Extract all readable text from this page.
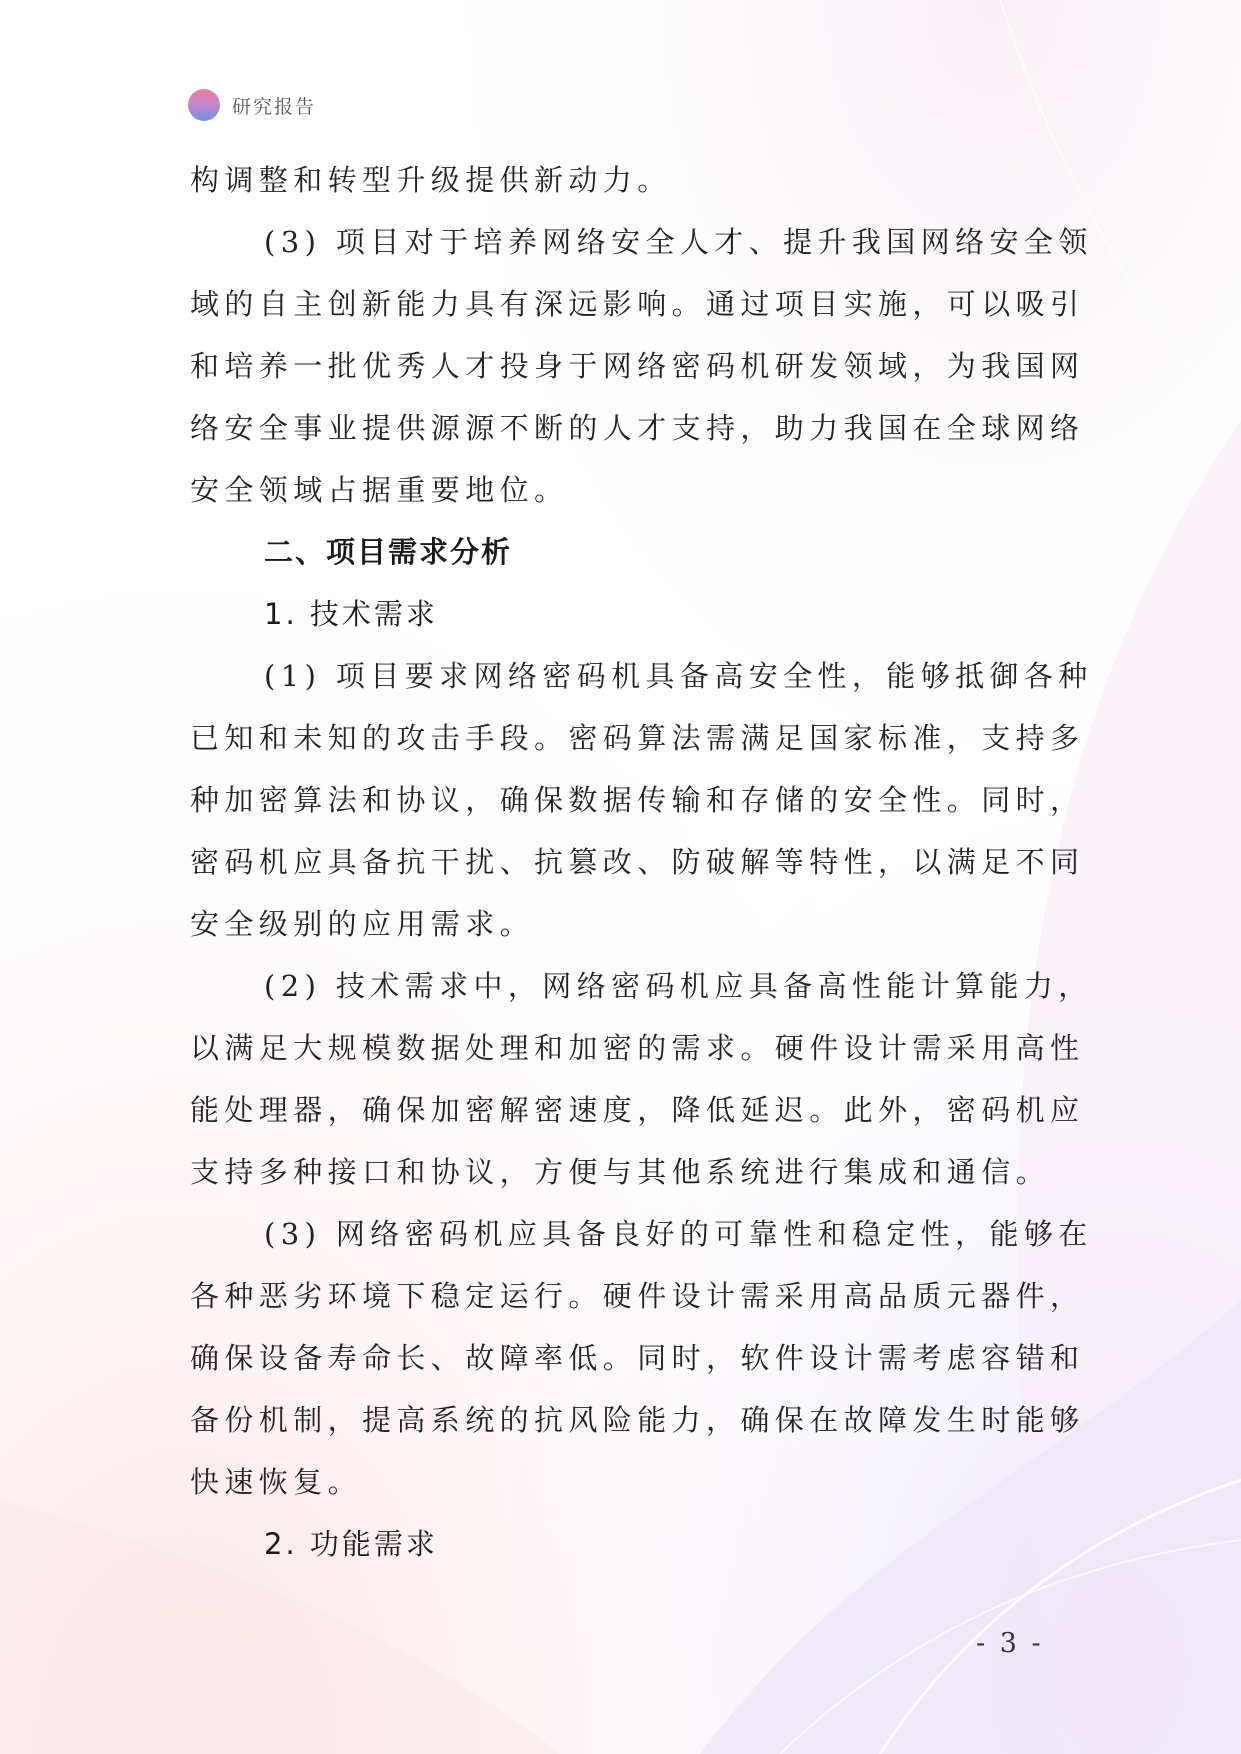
研究报告
构调整和转型升级提供新动力。
(3) 项目对于培养网络安全人才、提升我国网络安全领
域的自主创新能力具有深远影响。通过项目实施，可以吸引
和培养一批优秀人才投身于网络密码机研发领域，为我国网
络安全事业提供源源不断的人才支持，助力我国在全球网络
安全领域占据重要地位。
二、项目需求分析
1. 技术需求
(1) 项目要求网络密码机具备高安全性，能够抵御各种
已知和未知的攻击手段。密码算法需满足国家标准，支持多
种加密算法和协议，确保数据传输和存储的安全性。同时，
密码机应具备抗干扰、抗篡改、防破解等特性，以满足不同
安全级别的应用需求。
(2) 技术需求中，网络密码机应具备高性能计算能力，
以满足大规模数据处理和加密的需求。硬件设计需采用高性
能处理器，确保加密解密速度，降低延迟。此外，密码机应
支持多种接口和协议，方便与其他系统进行集成和通信。
(3) 网络密码机应具备良好的可靠性和稳定性，能够在
各种恶劣环境下稳定运行。硬件设计需采用高品质元器件，
确保设备寿命长、故障率低。同时，软件设计需考虑容错和
备份机制，提高系统的抗风险能力，确保在故障发生时能够
快速恢复。
2. 功能需求
- 3 -
